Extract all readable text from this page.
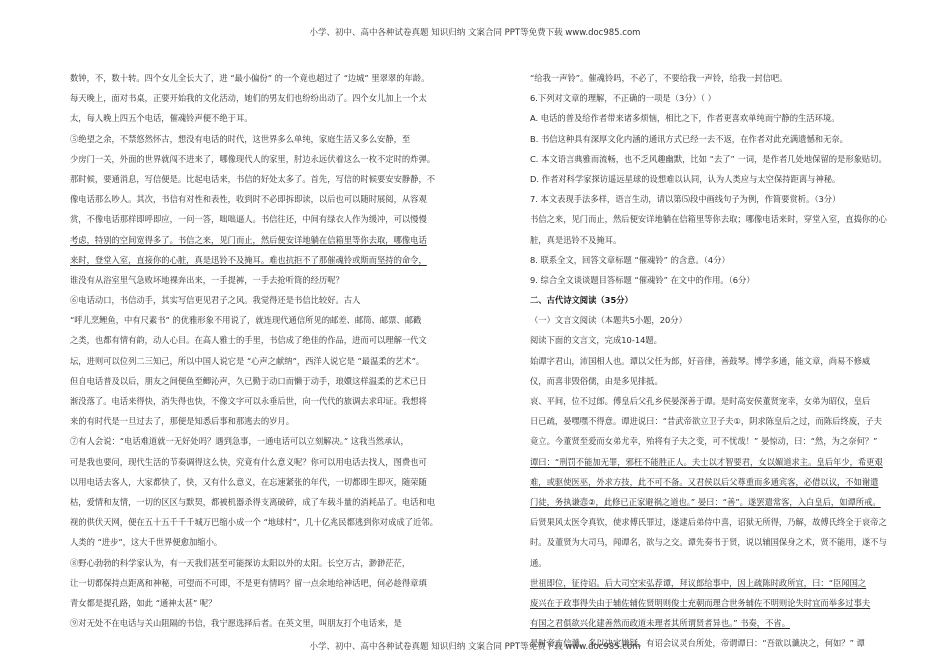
小学、初中、高中各种试卷真题 知识归纳 文案合同 PPT等免费下载 www.doc985.com
数钟，不，数十转。四个女儿全长大了，进 “最小偏份” 的一个竟也超过了 “边城” 里翠翠的年龄。
每天晚上，面对书桌，正要开始我的文化活动，她们的男友们也纷纷出动了。四个女儿加上一个太
太，每人晚上四五个电话，催魂铃声便不绝于耳。
⑤绝望之余，不禁悠然怀古，想没有电话的时代，这世界多么单纯，家庭生活又多么安静，至
少房门一关，外面的世界就闯不进来了，哪像现代人的家里，肘边永远伏着这么一枚不定时的炸弹。
那时候，要通消息，写信便是。比起电话来，书信的好处太多了。首先，写信的时候要安安静静，不
像电话那么吵人。其次，书信有对性和表性，收到时不必即拆即读，以后也可以随时展阅，从容观
赏，不像电话那样即呼即应，一问一答，咄咄逼人。书信往还，中间有绿衣人作为缓冲，可以慢慢
考虑，特别的空间宽得多了。书信之来，见门而止，然后便安详地躺在信箱里等你去取，哪像电话
来时，登堂入室，直接你的心脏，真是迅铃不及掩耳。难也抗拒不了那催魂铃或斯而坚持的命令，
谁没有从浴室里气急败坏地裸奔出来，一手提裤，一手去抢听筒的经历呢？
⑥电话动口，书信动手，其实写信更见君子之风。我觉得还是书信比较好。古人
“呼儿烹鲤鱼，中有尺素书” 的优雅形象不用说了，就连现代通信所见的邮差、邮筒、邮票、邮戳
之类，也都有情有韵，动人心目。在高人雅士的手里，书信成了绝佳的作品，进而可以理解一代文
坛，进则可以位列二三知己，所以中国人说它是 “心声之献纳”，西洋人说它是 “最温柔的艺术”。
但自电话普及以后，朋友之间便鱼至鲫沁声，久已勤于动口而懒于动手，琅嬛这样温柔的艺术已日
渐没落了。电话来得快，消失得也快，不像文字可以永垂后世，向一代代的旅调去求印证。我想将
来的有时代是一旦过去了，那便是知悉后事和那逃去的岁月。
⑦有人会说：“电话难道就一无好处吗？遇到急事，一通电话可以立刻解决。” 这我当然承认，
可是我也要问，现代生活的节奏调得这么快，究竟有什么意义呢？你可以用电话去找人，图费也可
以用电话去客人，大家都快了，快，又有什么意义，在忘速紧张的年代，一切都即生即灭，随荣随
枯，爱情和友情，一切的区区与默契，都被机器杀得支离破碎，成了车载斗量的消耗品了。电话和电
视的供伏天网，便在五十五千千千城万巴缩小成一个 “地球村”，几十亿兆民都逃到你对成成了近邻。
人类的 “进步”，这大千世界便愈加缩小。
⑧野心勃勃的科学家认为，有一天我们甚至可能探访太阳以外的太阳。长空万古，渺渺茫茫，
让一切都保持点距离和神秘，可望而不可即，不是更有情吗？留一点余地给神话吧，何必趁得章填
青女都是提孔路，如此 “通神太甚” 呢？
⑨对无处不在电话与关山阻隔的书信，我宁愿选择后者。在英文里，叫朋友打个电话来，是
“给我一声铃”。催魂铃吗，不必了，不要给我一声铃，给我一封信吧。
6.下列对文章的理解，不正确的一项是（3分）（ ）
A. 电话的普及给作者带来诸多烦恼，相比之下，作者更喜欢单纯而宁静的生活环境。
B. 书信这种具有深厚文化内涵的通讯方式已经一去不返，在作者对此充满遗憾和无奈。
C. 本文语言典雅而流畅，也不乏风趣幽默，比如 “去了” 一词，是作者几处地保留的是形象贴切。
D. 作者对科学家探访遥远星球的设想难以认同，认为人类应与太空保持距离与神秘。
7. 本文表现手法多样，语言生动，请以第⑸段中画线句子为例，作简要赏析。（3分）
书信之来，见门而止，然后便安详地躺在信箱里等你去取；哪像电话来时，穿堂入室，直捣你的心
脏，真是迅铃不及掩耳。
8. 联系全文，回答文章标题 “催魂铃” 的含意。（4分）
9. 综合全文谈谈题目答标题 “催魂铃” 在文中的作用。（6分）
二、古代诗文阅读（35分）
（一）文言文阅读（本题共5小题，20分）
阅读下面的文言文，完成10-14题。
始谭字君山，沛国相人也。谭以父任为郎，好音律，善鼓琴。博学多通，能文章，尚易不修威
仪，而喜非毁俗儒，由是多见排抵。
哀、平间，位不过郎。傅皇后父孔乡侯晏深善于谭。是时高安侯董贤宠幸，女弟为昭仪，皇后
日已疏，晏嘿嘿不得意。谭进说曰：“昔武帝欲立卫子夫①，阴求陈皇后之过，而陈后终废，子夫
竟立。今董贤至爱而女弟尤幸，殆将有子夫之变，可不忧哉！” 晏惊动，曰：“然，为之奈何？”
谭曰：“刑罚不能加无罪，邪枉不能胜正人。夫士以才智要君，女以媚道求主。皇后年少，希更艰
难，或驱使医巫，外求方技，此不可不备。又君侯以后父尊重而多通宾客，必借以议，不如谢遣
门徒，务执谦悫②，此修已正家避祸之道也。” 晏曰：“善”。遂罢遣常客，入白皇后，如谭所戒。
后贤果风太医令真钦，使求傅氏罪过，遂逮后弟侍中喜，诏狱无所得，乃解，故傅氏终全于哀帝之
时。及董贤为大司马，闻谭名，欲与之交。谭先奏书于贤，说以辅国保身之术，贤不能用，遂不与
通。
世祖即位，征待诏。后大司空宋弘荐谭，拜议郎给事中，因上疏陈时政所宜，曰：“臣闻国之
废兴在于政事得失由于辅佐辅佐贤明则俊士充朝而理合世务辅佐不明则论失时宜而举多过事夫
有国之君俱欲兴化建善然而政道未理者其所谓贤者异也。” 书奏，不省。
是时帝方信谶，多以决定嫌疑。有诏会议灵台所处，帝谓谭曰：“吾欲以谶决之，何如？” 谭
小学、初中、高中各种试卷真题 知识归纳 文案合同 PPT等免费下载 www.doc985.com
